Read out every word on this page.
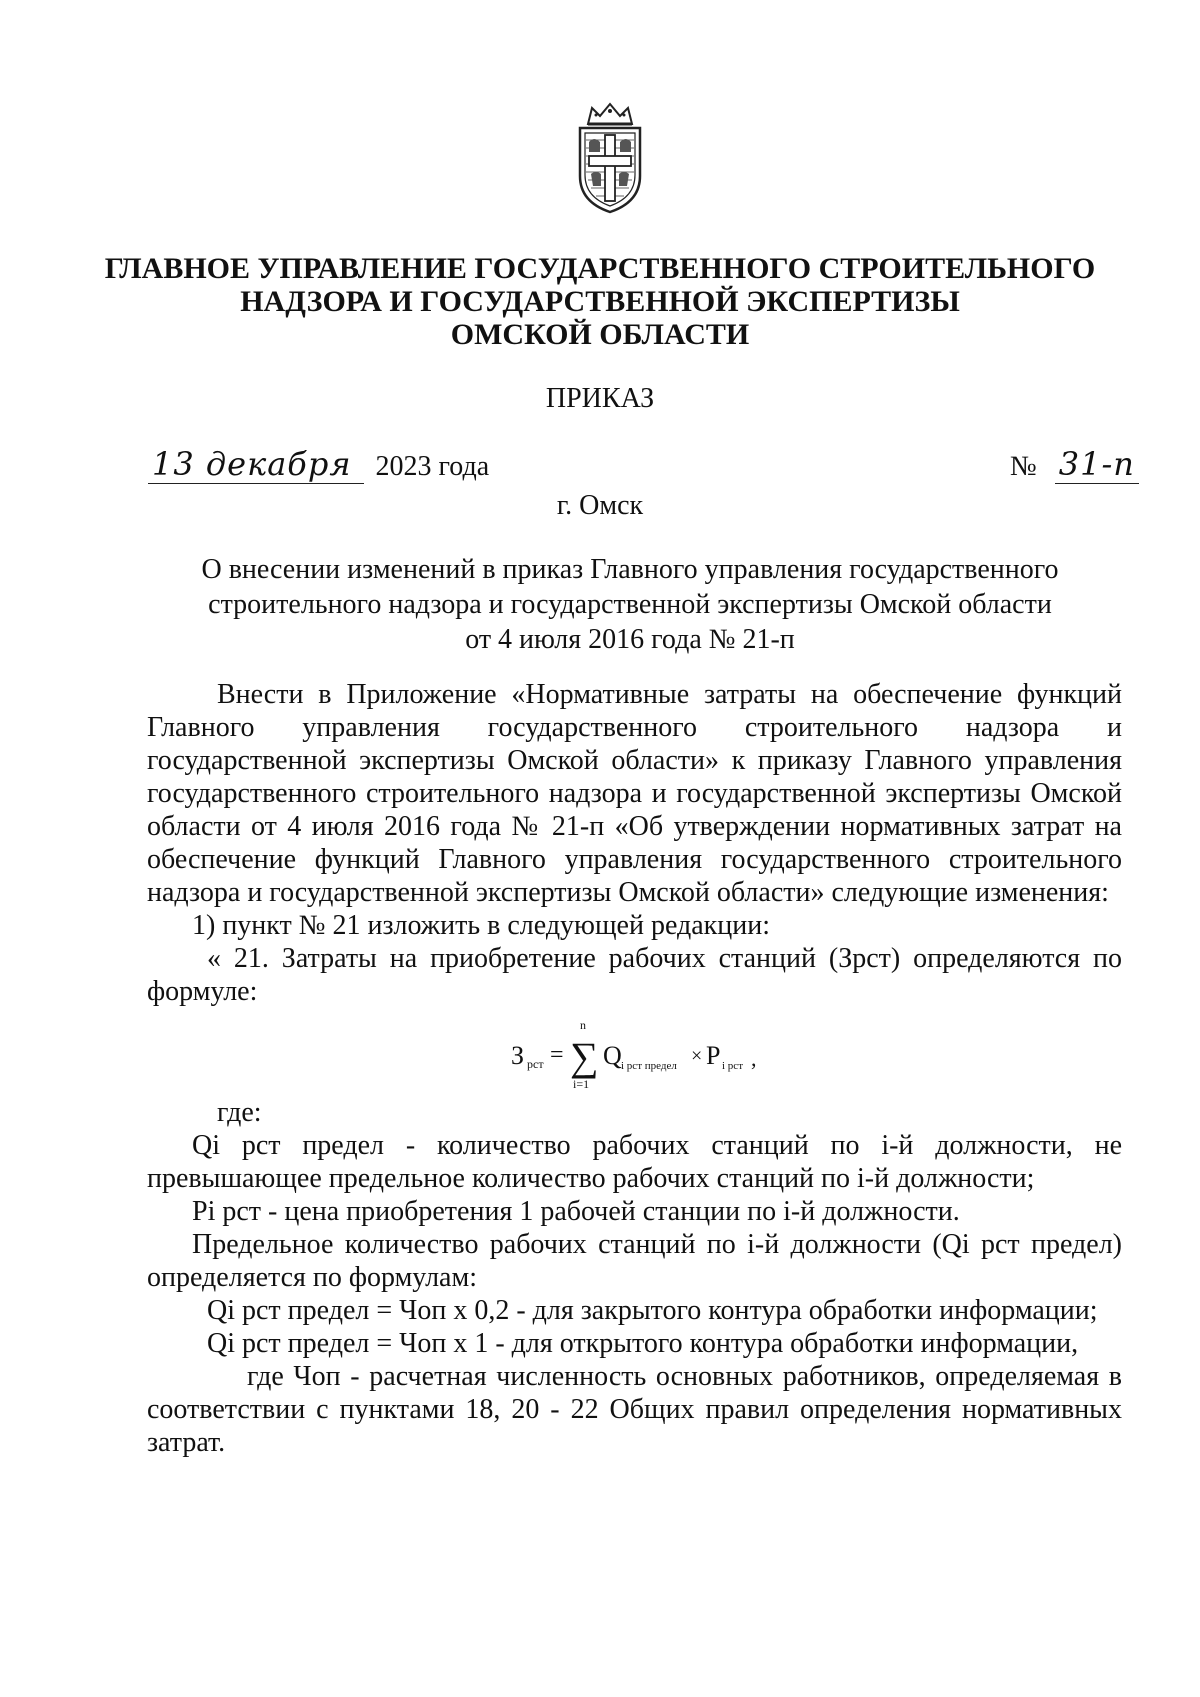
ГЛАВНОЕ УПРАВЛЕНИЕ ГОСУДАРСТВЕННОГО СТРОИТЕЛЬНОГО
НАДЗОРА И ГОСУДАРСТВЕННОЙ ЭКСПЕРТИЗЫ
ОМСКОЙ ОБЛАСТИ
ПРИКАЗ
13 декабря 2023 года	№ 31-п
г. Омск
О внесении изменений в приказ Главного управления государственного
строительного надзора и государственной экспертизы Омской области
от 4 июля 2016 года № 21-п

Внести в Приложение «Нормативные затраты на обеспечение функций Главного управления государственного строительного надзора и государственной экспертизы Омской области» к приказу Главного управления государственного строительного надзора и государственной экспертизы Омской области от 4 июля 2016 года № 21-п «Об утверждении нормативных затрат на обеспечение функций Главного управления государственного строительного надзора и государственной экспертизы Омской области» следующие изменения:

1) пункт № 21 изложить в следующей редакции:

« 21. Затраты на приобретение рабочих станций (Зрст) определяются по формуле:

З рст = ∑
n
i=1
Q i рст предел × P i рст ,

где:

Qi рст предел - количество рабочих станций по i-й должности, не превышающее предельное количество рабочих станций по i-й должности;

Pi рст - цена приобретения 1 рабочей станции по i-й должности.

Предельное количество рабочих станций по i-й должности (Qi рст предел) определяется по формулам:

Qi рст предел = Чоп x 0,2 - для закрытого контура обработки информации;

Qi рст предел = Чоп x 1 - для открытого контура обработки информации,

где Чоп - расчетная численность основных работников, определяемая в соответствии с пунктами 18, 20 - 22 Общих правил определения нормативных затрат.
